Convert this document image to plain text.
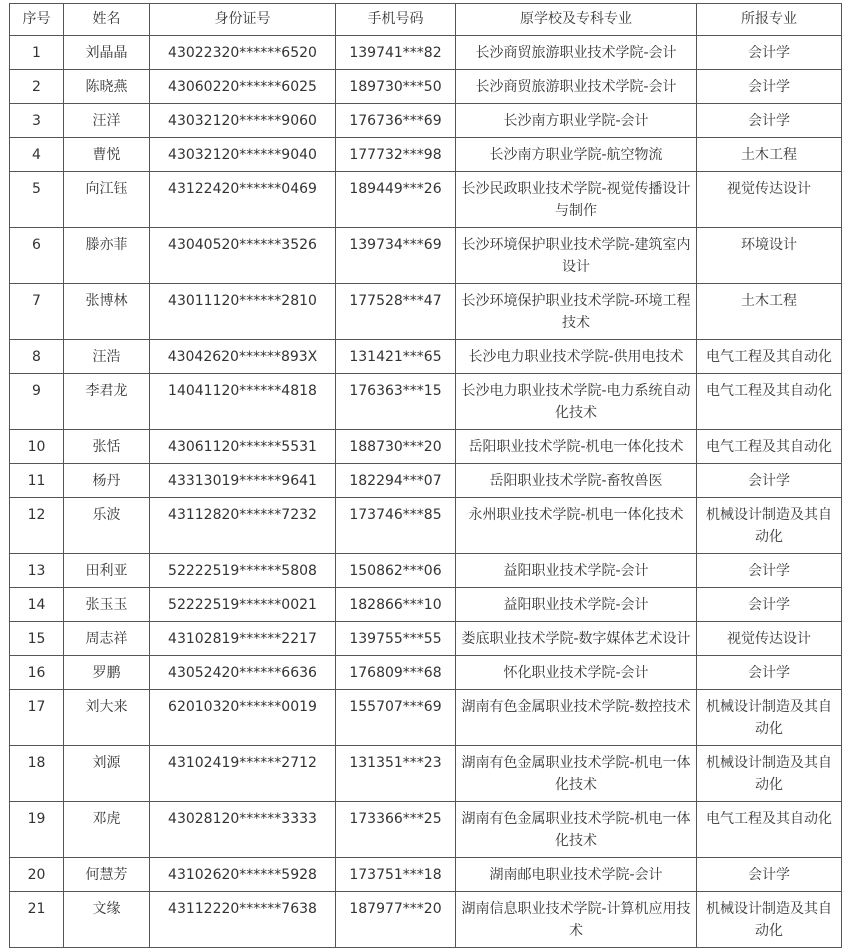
序号	姓名	身份证号	手机号码	原学校及专科专业	所报专业
1	刘晶晶	43022320******6520	139741***82	长沙商贸旅游职业技术学院-会计	会计学
2	陈晓燕	43060220******6025	189730***50	长沙商贸旅游职业技术学院-会计	会计学
3	汪洋	43032120******9060	176736***69	长沙南方职业学院-会计	会计学
4	曹悦	43032120******9040	177732***98	长沙南方职业学院-航空物流	土木工程
5	向江钰	43122420******0469	189449***26	长沙民政职业技术学院-视觉传播设计与制作	视觉传达设计
6	滕亦菲	43040520******3526	139734***69	长沙环境保护职业技术学院-建筑室内设计	环境设计
7	张博林	43011120******2810	177528***47	长沙环境保护职业技术学院-环境工程技术	土木工程
8	汪浩	43042620******893X	131421***65	长沙电力职业技术学院-供用电技术	电气工程及其自动化
9	李君龙	14041120******4818	176363***15	长沙电力职业技术学院-电力系统自动化技术	电气工程及其自动化
10	张恬	43061120******5531	188730***20	岳阳职业技术学院-机电一体化技术	电气工程及其自动化
11	杨丹	43313019******9641	182294***07	岳阳职业技术学院-畜牧兽医	会计学
12	乐波	43112820******7232	173746***85	永州职业技术学院-机电一体化技术	机械设计制造及其自动化
13	田利亚	52222519******5808	150862***06	益阳职业技术学院-会计	会计学
14	张玉玉	52222519******0021	182866***10	益阳职业技术学院-会计	会计学
15	周志祥	43102819******2217	139755***55	娄底职业技术学院-数字媒体艺术设计	视觉传达设计
16	罗鹏	43052420******6636	176809***68	怀化职业技术学院-会计	会计学
17	刘大来	62010320******0019	155707***69	湖南有色金属职业技术学院-数控技术	机械设计制造及其自动化
18	刘源	43102419******2712	131351***23	湖南有色金属职业技术学院-机电一体化技术	机械设计制造及其自动化
19	邓虎	43028120******3333	173366***25	湖南有色金属职业技术学院-机电一体化技术	电气工程及其自动化
20	何慧芳	43102620******5928	173751***18	湖南邮电职业技术学院-会计	会计学
21	文缘	43112220******7638	187977***20	湖南信息职业技术学院-计算机应用技术	机械设计制造及其自动化
